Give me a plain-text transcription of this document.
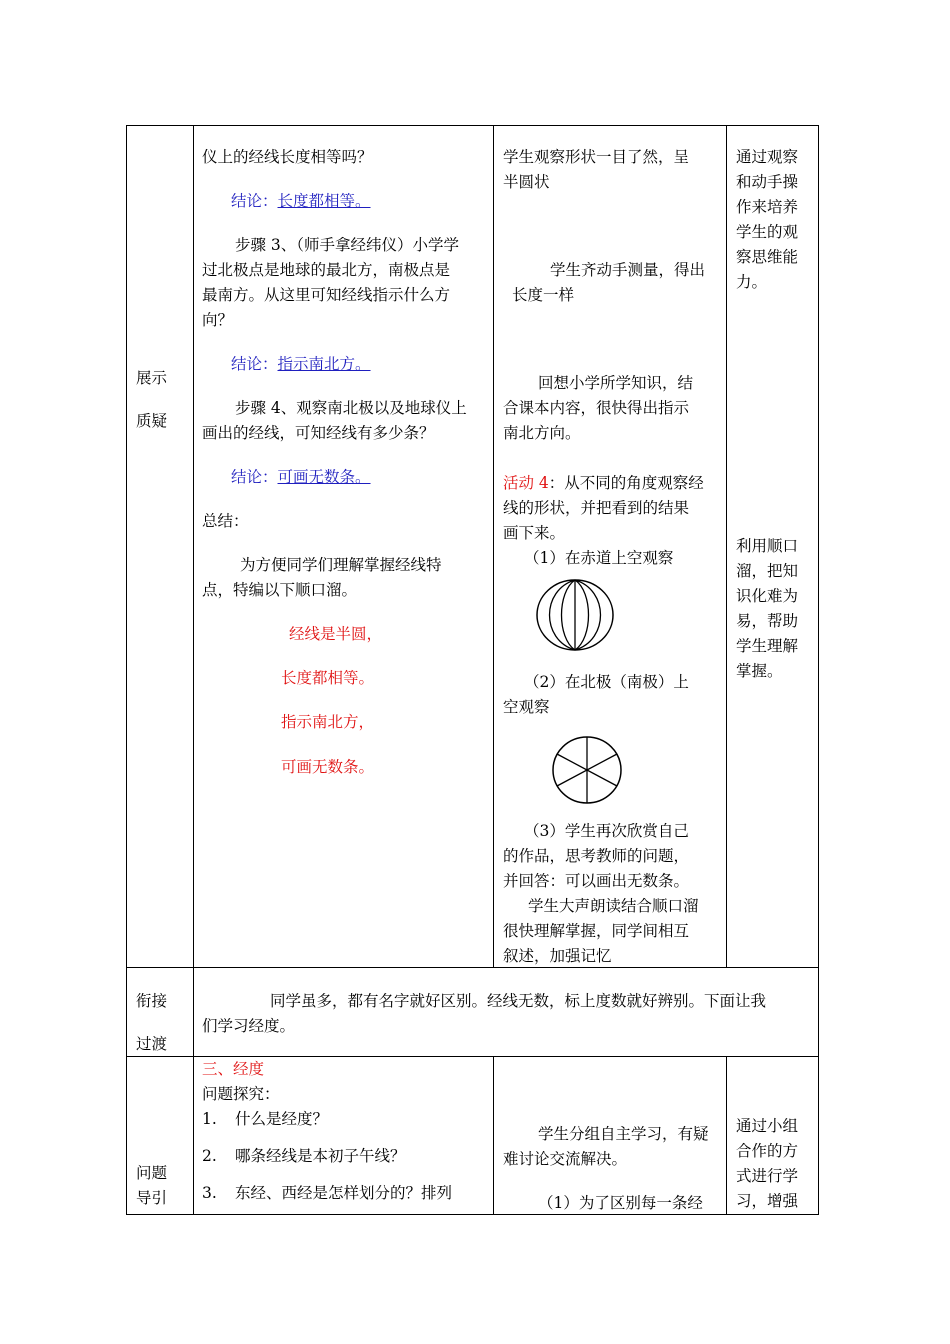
展示
质疑
仪上的经线长度相等吗？
结论：长度都相等。
步骤 3、（师手拿经纬仪）小学学
过北极点是地球的最北方，南极点是
最南方。从这里可知经线指示什么方
向？
结论：指示南北方。
步骤 4、观察南北极以及地球仪上
画出的经线，可知经线有多少条？
结论：可画无数条。
总结：
为方便同学们理解掌握经线特
点，特编以下顺口溜。
经线是半圆，
长度都相等。
指示南北方，
可画无数条。
学生观察形状一目了然，呈
半圆状
学生齐动手测量，得出
长度一样
回想小学所学知识，结
合课本内容，很快得出指示
南北方向。
活动 4：从不同的角度观察经
线的形状，并把看到的结果
画下来。
（1）在赤道上空观察
（2）在北极（南极）上
空观察
（3）学生再次欣赏自己
的作品，思考教师的问题，
并回答：可以画出无数条。
学生大声朗读结合顺口溜
很快理解掌握，同学间相互
叙述，加强记忆
通过观察
和动手操
作来培养
学生的观
察思维能
力。
利用顺口
溜，把知
识化难为
易，帮助
学生理解
掌握。
衔接
过渡
同学虽多，都有名字就好区别。经线无数，标上度数就好辨别。下面让我
们学习经度。
问题
导引
三、经度
问题探究：
1. 什么是经度？
2. 哪条经线是本初子午线？
3. 东经、西经是怎样划分的？排列
学生分组自主学习，有疑
难讨论交流解决。
（1）为了区别每一条经
通过小组
合作的方
式进行学
习，增强
